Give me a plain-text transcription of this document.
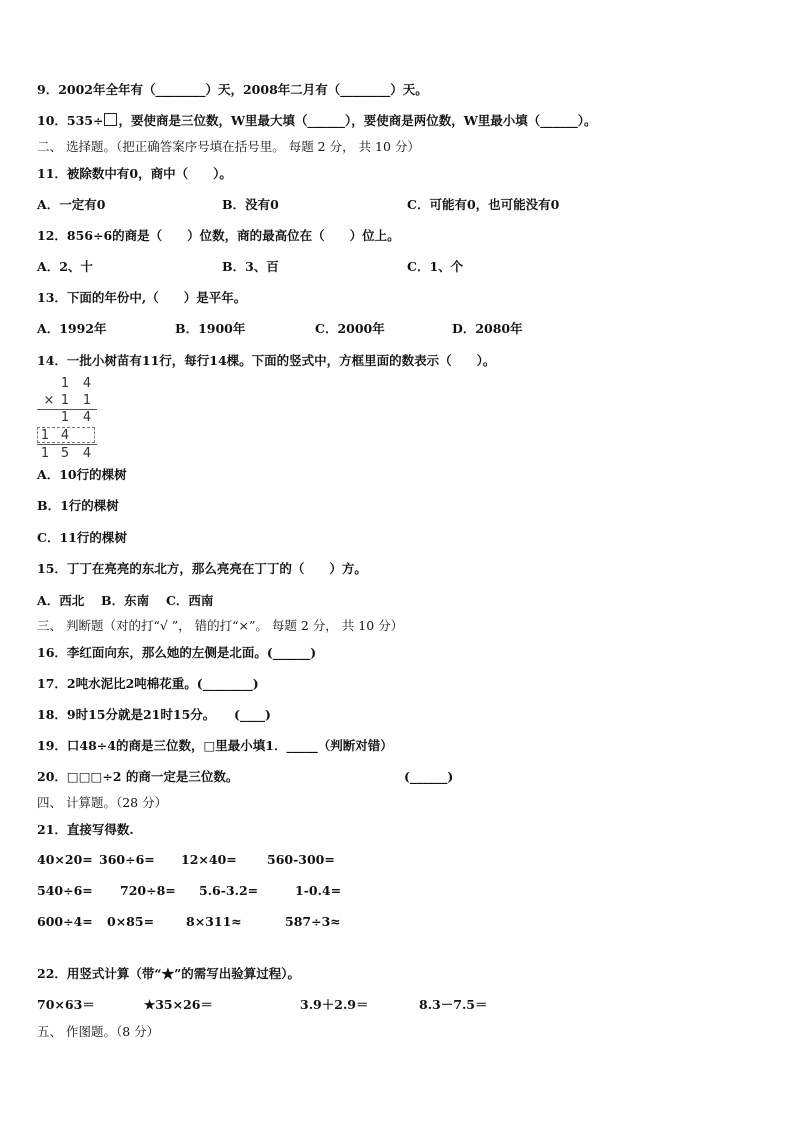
9．2002年全年有（________）天，2008年二月有（________）天。
10．535÷ ，要使商是三位数，W里最大填（______），要使商是两位数，W里最小填（______）。
二、 选择题。（把正确答案序号填在括号里。 每题 2 分， 共 10 分）
11．被除数中有0，商中（　　）。
A．一定有0	B．没有0	C．可能有0，也可能没有0
12．856÷6的商是（　　）位数，商的最高位在（　　）位上。
A．2、十	B．3、百	C．1、个
13．下面的年份中,（　　）是平年。
A．1992年	B．1900年	C．2000年	D．2080年
14．一批小树苗有11行，每行14棵。下面的竖式中，方框里面的数表示（　　）。
1 4
× 1 1
1 4
1 4
1 5 4
A．10行的棵树
B．1行的棵树
C．11行的棵树
15．丁丁在亮亮的东北方，那么亮亮在丁丁的（　　）方。
A．西北　 B．东南　 C．西南
三、 判断题（对的打“√ ”， 错的打“×”。 每题 2 分， 共 10 分）
16．李红面向东，那么她的左侧是北面。(______)
17．2吨水泥比2吨棉花重。(________)
18．9时15分就是21时15分。　　(____)
19．口48÷4的商是三位数，□里最小填1．_____（判断对错）
20．□□□÷2 的商一定是三位数。	(______)
四、 计算题。（28 分）
21．直接写得数.
40×20= 360÷6= 12×40= 560-300=
540÷6= 720÷8= 5.6-3.2=	1-0.4=
600÷4= 0×85=	8×311≈	587÷3≈
22．用竖式计算（带“★”的需写出验算过程）。
70×63＝	★35×26＝	3.9＋2.9＝	8.3－7.5＝
五、 作图题。（8 分）
